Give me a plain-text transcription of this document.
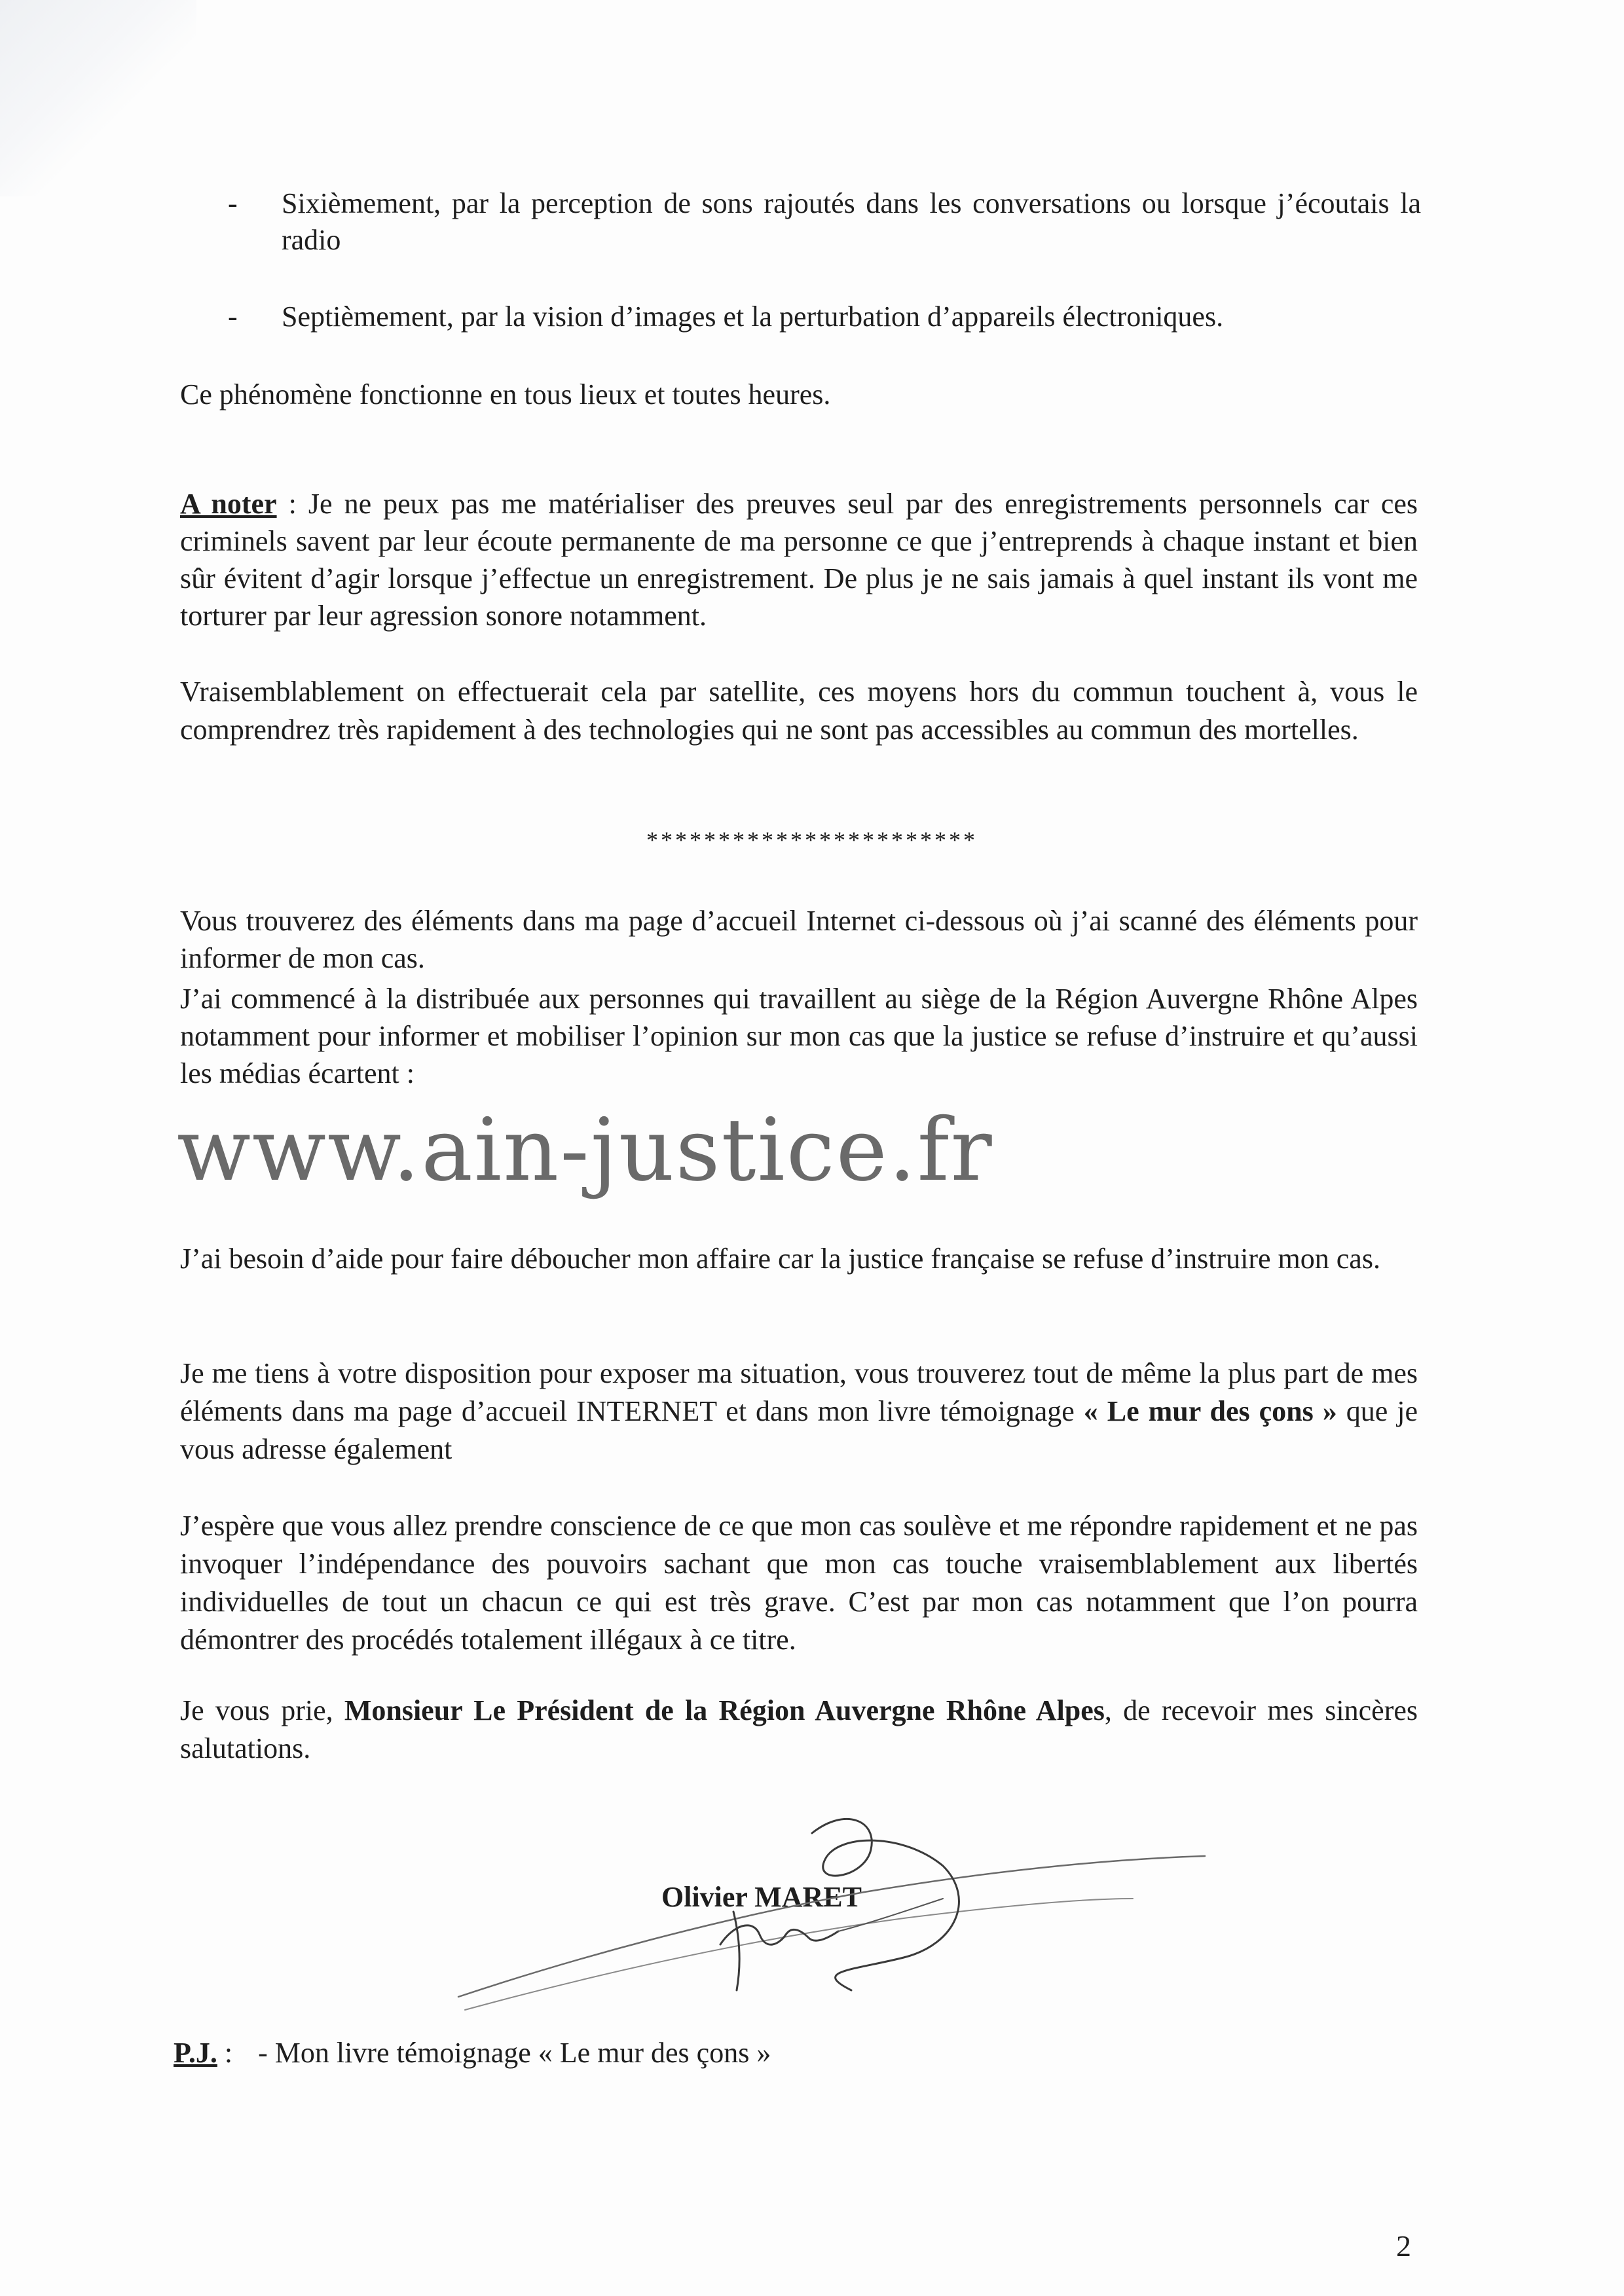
- Sixièmement, par la perception de sons rajoutés dans les conversations ou lorsque j’écoutais la radio
- Septièmement, par la vision d’images et la perturbation d’appareils électroniques.
Ce phénomène fonctionne en tous lieux et toutes heures.
A noter : Je ne peux pas me matérialiser des preuves seul par des enregistrements personnels car ces criminels savent par leur écoute permanente de ma personne ce que j’entreprends à chaque instant et bien sûr évitent d’agir lorsque j’effectue un enregistrement. De plus je ne sais jamais à quel instant ils vont me torturer par leur agression sonore notamment.
Vraisemblablement on effectuerait cela par satellite, ces moyens hors du commun touchent à, vous le comprendrez très rapidement à des technologies qui ne sont pas accessibles au commun des mortelles.
***********************
Vous trouverez des éléments dans ma page d’accueil Internet ci-dessous où j’ai scanné des éléments pour informer de mon cas.
J’ai commencé à la distribuée aux personnes qui travaillent au siège de la Région Auvergne Rhône Alpes notamment pour informer et mobiliser l’opinion sur mon cas que la justice se refuse d’instruire et qu’aussi les médias écartent :
www.ain-justice.fr
J’ai besoin d’aide pour faire déboucher mon affaire car la justice française se refuse d’instruire mon cas.
Je me tiens à votre disposition pour exposer ma situation, vous trouverez tout de même la plus part de mes éléments dans ma page d’accueil INTERNET et dans mon livre témoignage « Le mur des çons » que je vous adresse également
J’espère que vous allez prendre conscience de ce que mon cas soulève et me répondre rapidement et ne pas invoquer l’indépendance des pouvoirs sachant que mon cas touche vraisemblablement aux libertés individuelles de tout un chacun ce qui est très grave. C’est par mon cas notamment que l’on pourra démontrer des procédés totalement illégaux à ce titre.
Je vous prie, Monsieur Le Président de la Région Auvergne Rhône Alpes, de recevoir mes sincères salutations.
Olivier MARET
P.J. : - Mon livre témoignage « Le mur des çons »
2
